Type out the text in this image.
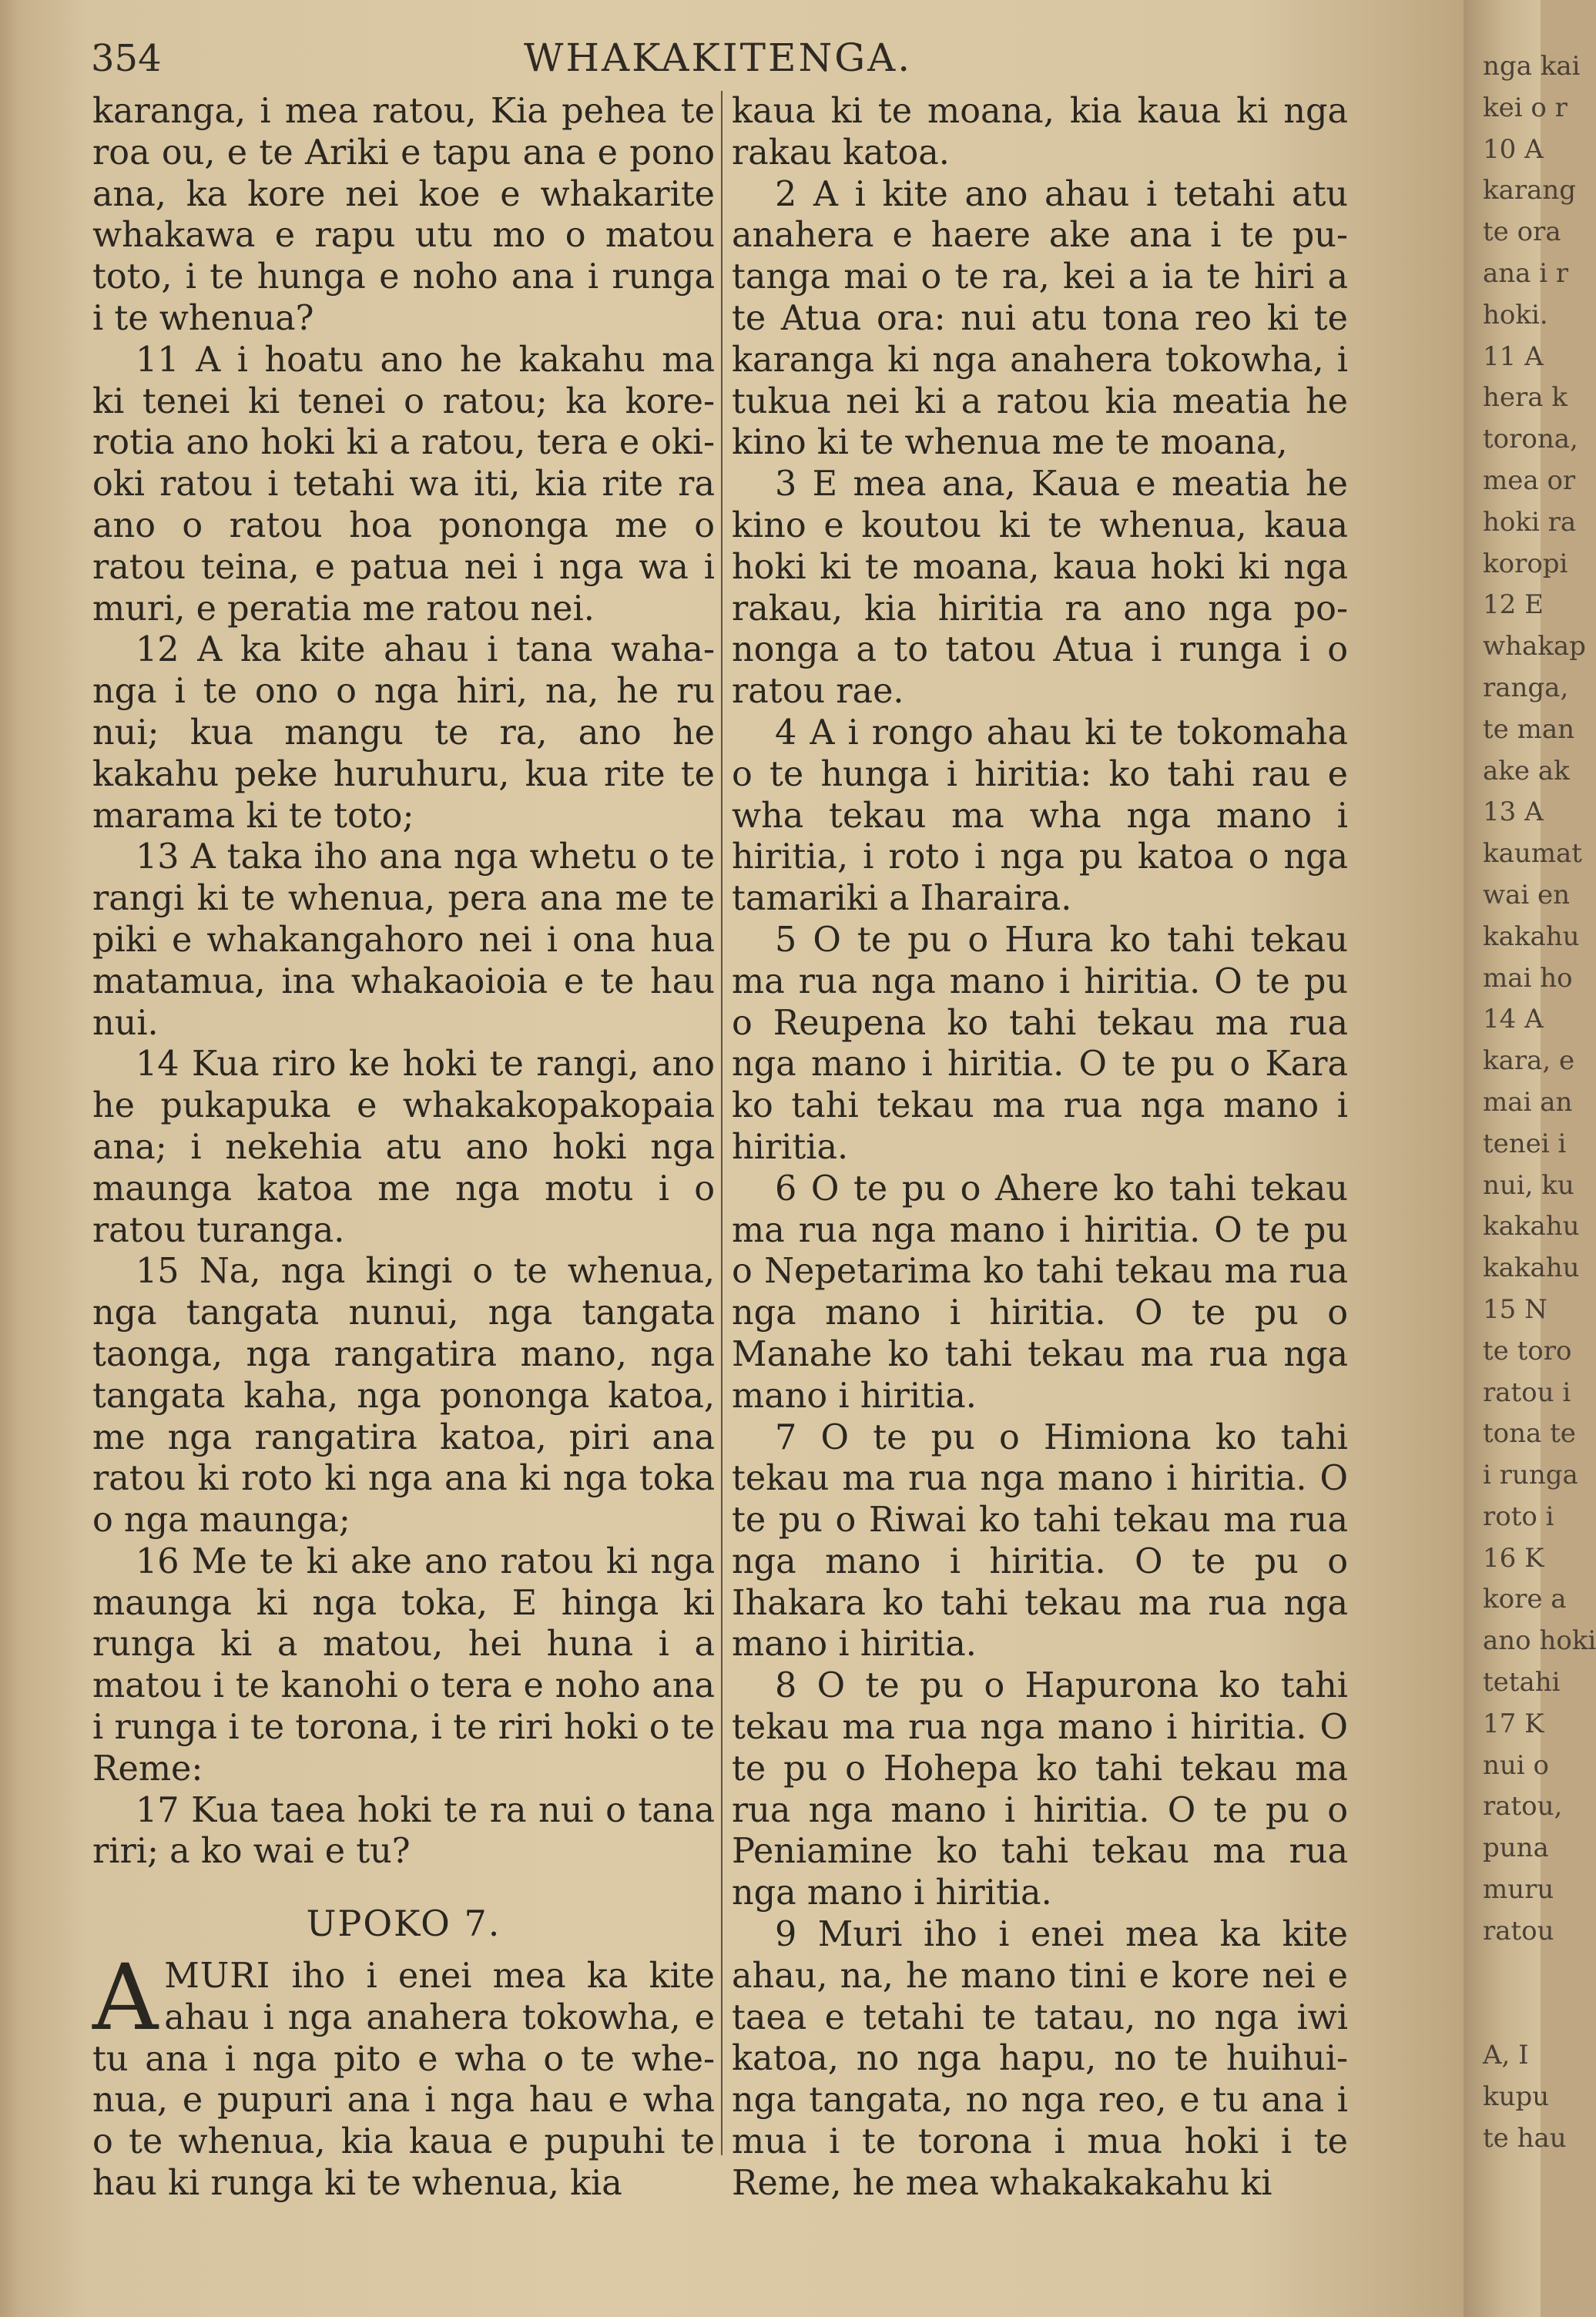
nga kai
kei o r
10 A
karang
te ora
ana i r
hoki.
11 A
hera k
torona,
mea or
hoki ra
koropi
12 E
whakap
ranga,
te man
ake ak
13 A
kaumat
wai en
kakahu
mai ho
14 A
kara, e
mai an
tenei i
nui, ku
kakahu
kakahu
15 N
te toro
ratou i
tona te
i runga
roto i
16 K
kore a
ano hoki
tetahi
17 K
nui o
ratou,
puna
muru
ratou

A, I
kupu
te hau
354	WHAKAKITENGA.

karanga, i mea ratou, Kia pehea te roa ou, e te Ariki e tapu ana e pono ana, ka kore nei koe e whakarite whakawa e rapu utu mo o matou toto, i te hunga e noho ana i runga i te whenua?

11 A i hoatu ano he kakahu ma ki tenei ki tenei o ratou; ka korerotia ano hoki ki a ratou, tera e okioki ratou i tetahi wa iti, kia rite ra ano o ratou hoa pononga me o ratou teina, e patua nei i nga wa i muri, e peratia me ratou nei.

12 A ka kite ahau i tana wahanga i te ono o nga hiri, na, he ru nui; kua mangu te ra, ano he kakahu peke huruhuru, kua rite te marama ki te toto;

13 A taka iho ana nga whetu o te rangi ki te whenua, pera ana me te piki e whakangahoro nei i ona hua matamua, ina whakaoioia e te hau nui.

14 Kua riro ke hoki te rangi, ano he pukapuka e whakakopakopaia ana; i nekehia atu ano hoki nga maunga katoa me nga motu i o ratou turanga.

15 Na, nga kingi o te whenua, nga tangata nunui, nga tangata taonga, nga rangatira mano, nga tangata kaha, nga pononga katoa, me nga rangatira katoa, piri ana ratou ki roto ki nga ana ki nga toka o nga maunga;

16 Me te ki ake ano ratou ki nga maunga ki nga toka, E hinga ki runga ki a matou, hei huna i a matou i te kanohi o tera e noho ana i runga i te torona, i te riri hoki o te Reme:

17 Kua taea hoki te ra nui o tana riri; a ko wai e tu?

UPOKO 7.

AMURI iho i enei mea ka kite ahau i nga anahera tokowha, e tu ana i nga pito e wha o te whenua, e pupuri ana i nga hau e wha o te whenua, kia kaua e pupuhi te hau ki runga ki te whenua, kia

kaua ki te moana, kia kaua ki nga rakau katoa.

2 A i kite ano ahau i tetahi atu anahera e haere ake ana i te putanga mai o te ra, kei a ia te hiri a te Atua ora: nui atu tona reo ki te karanga ki nga anahera tokowha, i tukua nei ki a ratou kia meatia he kino ki te whenua me te moana,

3 E mea ana, Kaua e meatia he kino e koutou ki te whenua, kaua hoki ki te moana, kaua hoki ki nga rakau, kia hiritia ra ano nga pononga a to tatou Atua i runga i o ratou rae.

4 A i rongo ahau ki te tokomaha o te hunga i hiritia: ko tahi rau e wha tekau ma wha nga mano i hiritia, i roto i nga pu katoa o nga tamariki a Iharaira.

5 O te pu o Hura ko tahi tekau ma rua nga mano i hiritia. O te pu o Reupena ko tahi tekau ma rua nga mano i hiritia. O te pu o Kara ko tahi tekau ma rua nga mano i hiritia.

6 O te pu o Ahere ko tahi tekau ma rua nga mano i hiritia. O te pu o Nepetarima ko tahi tekau ma rua nga mano i hiritia. O te pu o Manahe ko tahi tekau ma rua nga mano i hiritia.

7 O te pu o Himiona ko tahi tekau ma rua nga mano i hiritia. O te pu o Riwai ko tahi tekau ma rua nga mano i hiritia. O te pu o Ihakara ko tahi tekau ma rua nga mano i hiritia.

8 O te pu o Hapurona ko tahi tekau ma rua nga mano i hiritia. O te pu o Hohepa ko tahi tekau ma rua nga mano i hiritia. O te pu o Peniamine ko tahi tekau ma rua nga mano i hiritia.

9 Muri iho i enei mea ka kite ahau, na, he mano tini e kore nei e taea e tetahi te tatau, no nga iwi katoa, no nga hapu, no te huihuinga tangata, no nga reo, e tu ana i mua i te torona i mua hoki i te Reme, he mea whakakakahu ki
